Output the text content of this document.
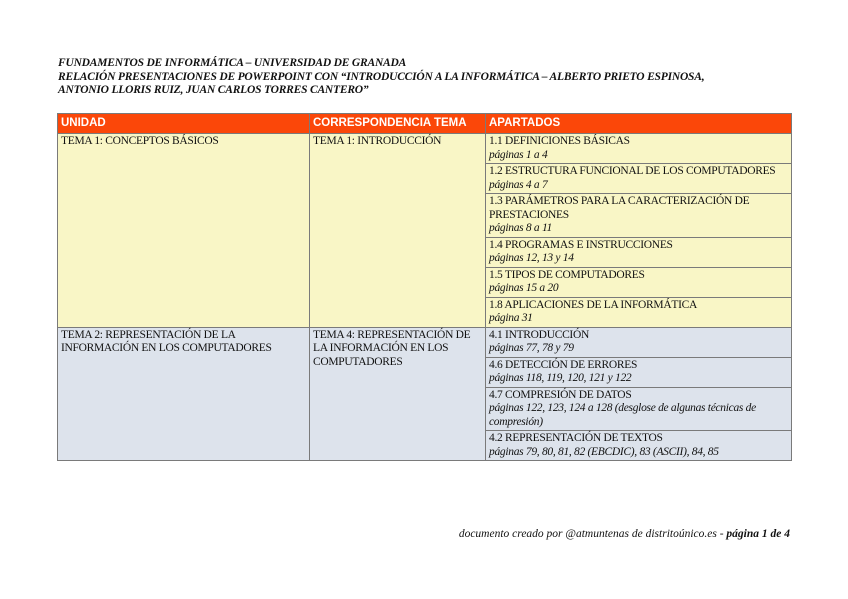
FUNDAMENTOS DE INFORMÁTICA – UNIVERSIDAD DE GRANADA
RELACIÓN PRESENTACIONES DE POWERPOINT CON “INTRODUCCIÓN A LA INFORMÁTICA – ALBERTO PRIETO ESPINOSA,
ANTONIO LLORIS RUIZ, JUAN CARLOS TORRES CANTERO”
UNIDAD	CORRESPONDENCIA TEMA	APARTADOS
TEMA 1: CONCEPTOS BÁSICOS	TEMA 1: INTRODUCCIÓN	1.1 DEFINICIONES BÁSICAS
páginas 1 a 4

		1.2 ESTRUCTURA FUNCIONAL DE LOS COMPUTADORES
páginas 4 a 7

		1.3 PARÁMETROS PARA LA CARACTERIZACIÓN DE PRESTACIONES
páginas 8 a 11

		1.4 PROGRAMAS E INSTRUCCIONES
páginas 12, 13 y 14

		1.5 TIPOS DE COMPUTADORES
páginas 15 a 20

		1.8 APLICACIONES DE LA INFORMÁTICA
página 31

TEMA 2: REPRESENTACIÓN DE LA INFORMACIÓN EN LOS COMPUTADORES	TEMA 4: REPRESENTACIÓN DE LA INFORMACIÓN EN LOS COMPUTADORES	4.1 INTRODUCCIÓN
páginas 77, 78 y 79

		4.6 DETECCIÓN DE ERRORES
páginas 118, 119, 120, 121 y 122

		4.7 COMPRESIÓN DE DATOS
páginas 122, 123, 124 a 128 (desglose de algunas técnicas de compresión)

		4.2 REPRESENTACIÓN DE TEXTOS
páginas 79, 80, 81, 82 (EBCDIC), 83 (ASCII), 84, 85
documento creado por @atmuntenas de distritoúnico.es - página 1 de 4
